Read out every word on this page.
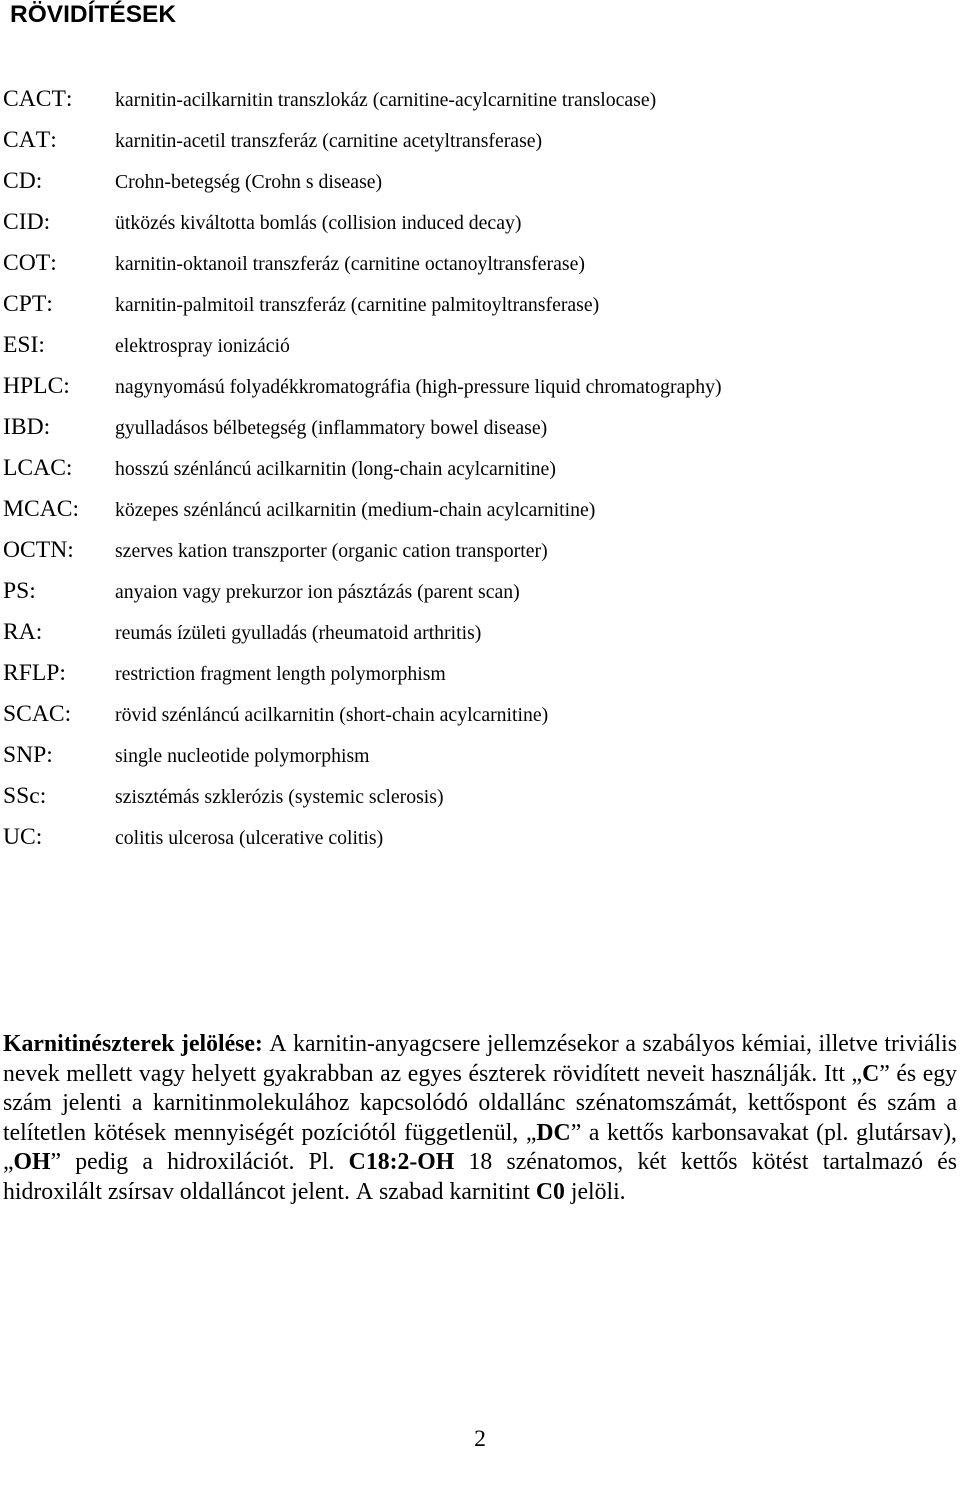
RÖVIDÍTÉSEK
CACT: karnitin-acilkarnitin transzlokáz (carnitine-acylcarnitine translocase)
CAT:	karnitin-acetil transzferáz (carnitine acetyltransferase)
CD:	Crohn-betegség (Crohn s disease)
CID:	ütközés kiváltotta bomlás (collision induced decay)
COT:	karnitin-oktanoil transzferáz (carnitine octanoyltransferase)
CPT:	karnitin-palmitoil transzferáz (carnitine palmitoyltransferase)
ESI:	elektrospray ionizáció
HPLC: nagynyomású folyadékkromatográfia (high-pressure liquid chromatography)
IBD:	gyulladásos bélbetegség (inflammatory bowel disease)
LCAC: hosszú szénláncú acilkarnitin (long-chain acylcarnitine)
MCAC: közepes szénláncú acilkarnitin (medium-chain acylcarnitine)
OCTN: szerves kation transzporter (organic cation transporter)
PS:	anyaion vagy prekurzor ion pásztázás (parent scan)
RA:	reumás ízületi gyulladás (rheumatoid arthritis)
RFLP: restriction fragment length polymorphism
SCAC: rövid szénláncú acilkarnitin (short-chain acylcarnitine)
SNP:	single nucleotide polymorphism
SSc:	szisztémás szklerózis (systemic sclerosis)
UC:	colitis ulcerosa (ulcerative colitis)

Karnitinészterek jelölése: A karnitin-anyagcsere jellemzésekor a szabályos kémiai, illetve triviális nevek mellett vagy helyett gyakrabban az egyes észterek rövidített neveit használják. Itt „C” és egy szám jelenti a karnitinmolekulához kapcsolódó oldallánc szénatomszámát, kettőspont és szám a telítetlen kötések mennyiségét pozíciótól függetlenül, „DC” a kettős karbonsavakat (pl. glutársav), „OH” pedig a hidroxilációt. Pl. C18:2-OH 18 szénatomos, két kettős kötést tartalmazó és hidroxilált zsírsav oldalláncot jelent. A szabad karnitint C0 jelöli.

2
